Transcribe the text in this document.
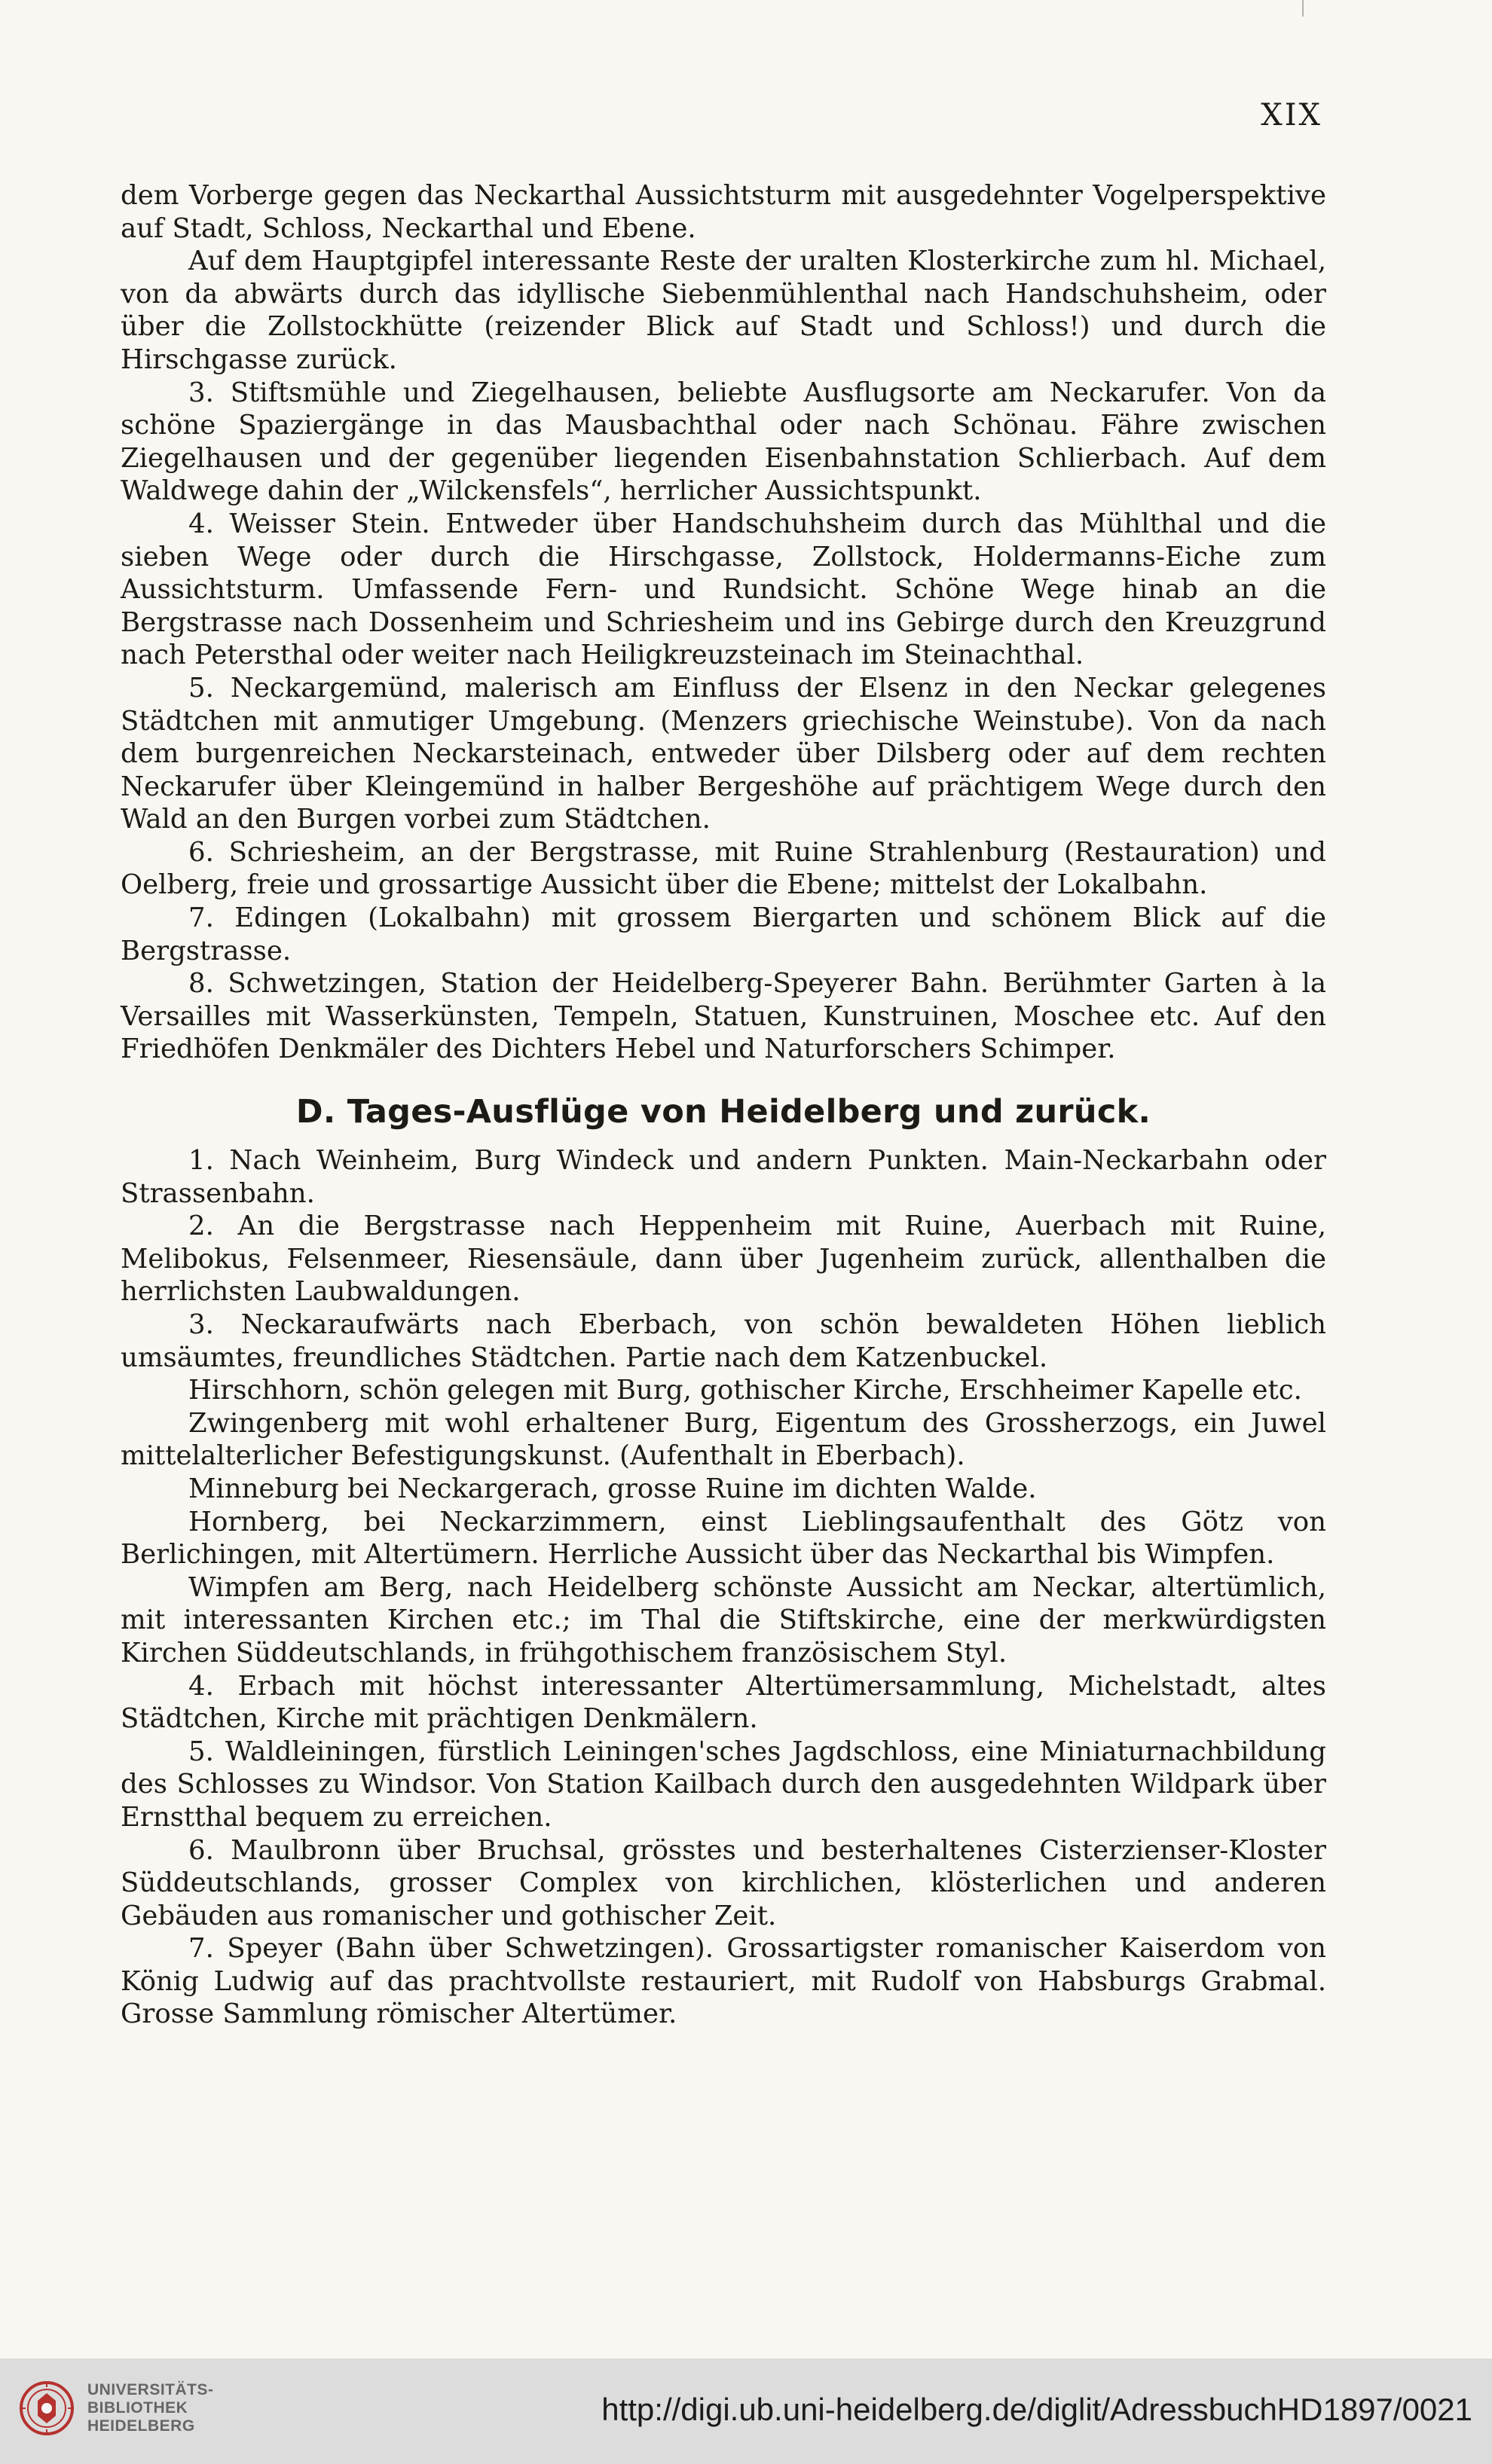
XIX

dem Vorberge gegen das Neckarthal Aussichtsturm mit ausgedehnter Vogelperspektive auf Stadt, Schloss, Neckarthal und Ebene.

Auf dem Hauptgipfel interessante Reste der uralten Klosterkirche zum hl. Michael, von da abwärts durch das idyllische Siebenmühlenthal nach Handschuhsheim, oder über die Zollstockhütte (reizender Blick auf Stadt und Schloss!) und durch die Hirschgasse zurück.

3. Stiftsmühle und Ziegelhausen, beliebte Ausflugsorte am Neckarufer. Von da schöne Spaziergänge in das Mausbachthal oder nach Schönau. Fähre zwischen Ziegelhausen und der gegenüber liegenden Eisenbahnstation Schlierbach. Auf dem Waldwege dahin der „Wilckensfels“, herrlicher Aussichtspunkt.

4. Weisser Stein. Entweder über Handschuhsheim durch das Mühlthal und die sieben Wege oder durch die Hirschgasse, Zollstock, Holdermanns-Eiche zum Aussichtsturm. Umfassende Fern- und Rundsicht. Schöne Wege hinab an die Bergstrasse nach Dossenheim und Schriesheim und ins Gebirge durch den Kreuzgrund nach Petersthal oder weiter nach Heiligkreuzsteinach im Steinachthal.

5. Neckargemünd, malerisch am Einfluss der Elsenz in den Neckar gelegenes Städtchen mit anmutiger Umgebung. (Menzers griechische Weinstube). Von da nach dem burgenreichen Neckarsteinach, entweder über Dilsberg oder auf dem rechten Neckarufer über Kleingemünd in halber Bergeshöhe auf prächtigem Wege durch den Wald an den Burgen vorbei zum Städtchen.

6. Schriesheim, an der Bergstrasse, mit Ruine Strahlenburg (Restauration) und Oelberg, freie und grossartige Aussicht über die Ebene; mittelst der Lokalbahn.

7. Edingen (Lokalbahn) mit grossem Biergarten und schönem Blick auf die Bergstrasse.

8. Schwetzingen, Station der Heidelberg-Speyerer Bahn. Berühmter Garten à la Versailles mit Wasserkünsten, Tempeln, Statuen, Kunstruinen, Moschee etc. Auf den Friedhöfen Denkmäler des Dichters Hebel und Naturforschers Schimper.

D. Tages-Ausflüge von Heidelberg und zurück.

1. Nach Weinheim, Burg Windeck und andern Punkten. Main-Neckarbahn oder Strassenbahn.

2. An die Bergstrasse nach Heppenheim mit Ruine, Auerbach mit Ruine, Melibokus, Felsenmeer, Riesensäule, dann über Jugenheim zurück, allenthalben die herrlichsten Laubwaldungen.

3. Neckaraufwärts nach Eberbach, von schön bewaldeten Höhen lieblich umsäumtes, freundliches Städtchen. Partie nach dem Katzenbuckel.

Hirschhorn, schön gelegen mit Burg, gothischer Kirche, Erschheimer Kapelle etc.

Zwingenberg mit wohl erhaltener Burg, Eigentum des Grossherzogs, ein Juwel mittelalterlicher Befestigungskunst. (Aufenthalt in Eberbach).

Minneburg bei Neckargerach, grosse Ruine im dichten Walde.

Hornberg, bei Neckarzimmern, einst Lieblingsaufenthalt des Götz von Berlichingen, mit Altertümern. Herrliche Aussicht über das Neckarthal bis Wimpfen.

Wimpfen am Berg, nach Heidelberg schönste Aussicht am Neckar, altertümlich, mit interessanten Kirchen etc.; im Thal die Stiftskirche, eine der merkwürdigsten Kirchen Süddeutschlands, in frühgothischem französischem Styl.

4. Erbach mit höchst interessanter Altertümersammlung, Michelstadt, altes Städtchen, Kirche mit prächtigen Denkmälern.

5. Waldleiningen, fürstlich Leiningen'sches Jagdschloss, eine Miniaturnachbildung des Schlosses zu Windsor. Von Station Kailbach durch den ausgedehnten Wildpark über Ernstthal bequem zu erreichen.

6. Maulbronn über Bruchsal, grösstes und besterhaltenes Cisterzienser-Kloster Süddeutschlands, grosser Complex von kirchlichen, klösterlichen und anderen Gebäuden aus romanischer und gothischer Zeit.

7. Speyer (Bahn über Schwetzingen). Grossartigster romanischer Kaiserdom von König Ludwig auf das prachtvollste restauriert, mit Rudolf von Habsburgs Grabmal. Grosse Sammlung römischer Altertümer.

UNIVERSITÄTS-
BIBLIOTHEK
HEIDELBERG	http://digi.ub.uni-heidelberg.de/diglit/AdressbuchHD1897/0021
